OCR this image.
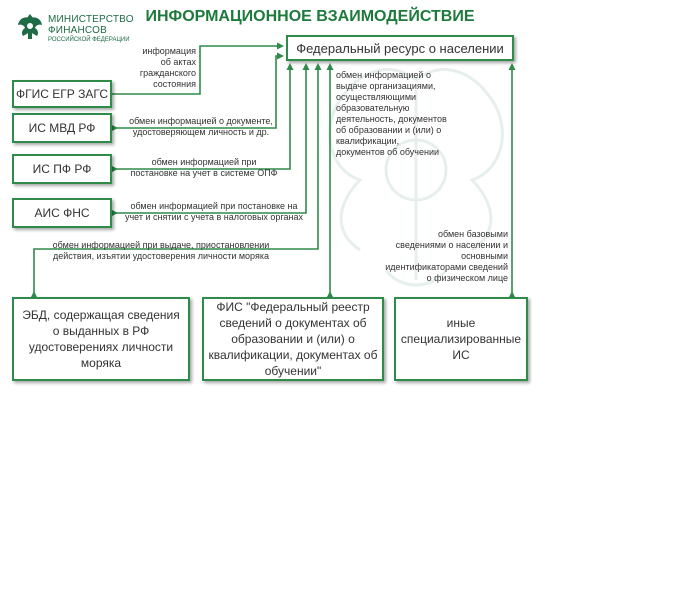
МИНИСТЕРСТВО
ФИНАНСОВ
РОССИЙСКОЙ ФЕДЕРАЦИИ
ИНФОРМАЦИОННОЕ ВЗАИМОДЕЙСТВИЕ
Федеральный ресурс о населении
ФГИС ЕГР ЗАГС
ИС МВД РФ
ИС ПФ РФ
АИС ФНС
ЭБД, содержащая сведения о выданных в РФ удостоверениях личности моряка
ФИС "Федеральный реестр сведений о документах об образовании и (или) о квалификации, документах об обучении"
иные специализированные ИС
информация
об актах
гражданского
состояния
обмен информацией о документе,
удостоверяющем личность и др.
обмен информацией при
постановке на учет в системе ОПФ
обмен информацией при постановке на
учет и снятии с учета в налоговых органах
обмен информацией при выдаче, приостановлении
действия, изъятии удостоверения личности моряка
обмен информацией о
выдаче организациями,
осуществляющими
образовательную
деятельность, документов
об образовании и (или) о
квалификации,
документов об обучении
обмен базовыми
сведениями о населении и
основными
идентификаторами сведений
о физическом лице
